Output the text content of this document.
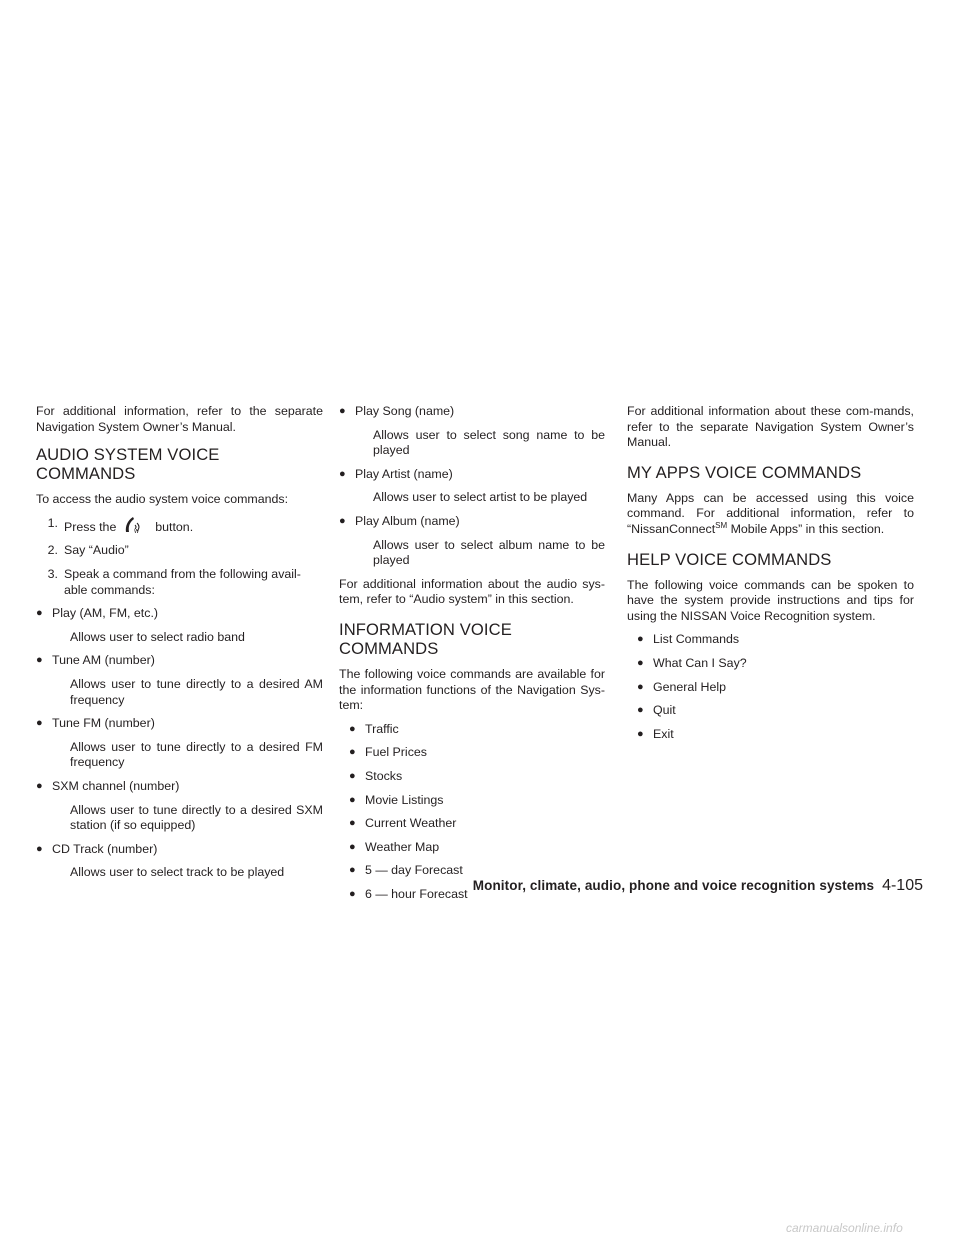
For additional information, refer to the separate Navigation System Owner’s Manual.

AUDIO SYSTEM VOICE
COMMANDS

To access the audio system voice commands:

1. Press the	W button.
2. Say “Audio”
3. Speak a command from the following avail-able commands:
● Play (AM, FM, etc.)

Allows user to select radio band

● Tune AM (number)

Allows user to tune directly to a desired AM frequency

● Tune FM (number)

Allows user to tune directly to a desired FM frequency

● SXM channel (number)

Allows user to tune directly to a desired SXM station (if so equipped)

● CD Track (number)

Allows user to select track to be played

● Play Song (name)

Allows user to select song name to be played

● Play Artist (name)

Allows user to select artist to be played

● Play Album (name)

Allows user to select album name to be played

For additional information about the audio sys-tem, refer to “Audio system” in this section.

INFORMATION VOICE COMMANDS

The following voice commands are available for the information functions of the Navigation Sys-tem:

● Traffic
● Fuel Prices
● Stocks
● Movie Listings
● Current Weather
● Weather Map
● 5 — day Forecast
● 6 — hour Forecast

For additional information about these com-mands, refer to the separate Navigation System Owner’s Manual.

MY APPS VOICE COMMANDS

Many Apps can be accessed using this voice command. For additional information, refer to “NissanConnect℠ Mobile Apps” in this section.

HELP VOICE COMMANDS

The following voice commands can be spoken to have the system provide instructions and tips for using the NISSAN Voice Recognition system.

● List Commands
● What Can I Say?
● General Help
● Quit
● Exit
Monitor, climate, audio, phone and voice recognition systems 4-105
carmanualsonline.info
